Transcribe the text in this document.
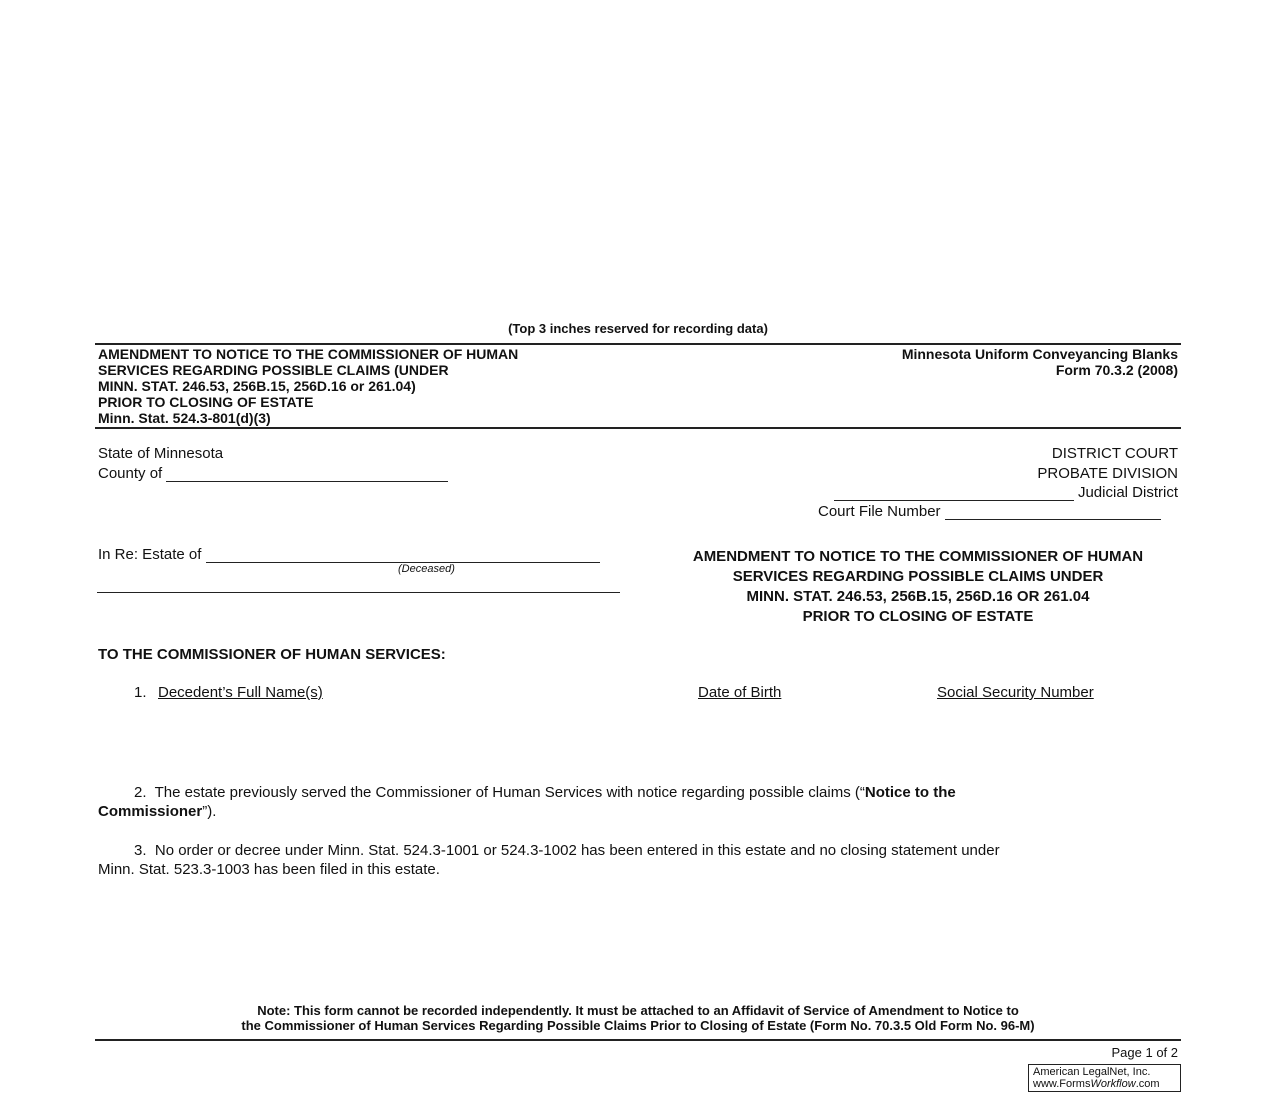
(Top 3 inches reserved for recording data)
AMENDMENT TO NOTICE TO THE COMMISSIONER OF HUMAN
SERVICES REGARDING POSSIBLE CLAIMS (UNDER
MINN. STAT. 246.53, 256B.15, 256D.16 or 261.04)
PRIOR TO CLOSING OF ESTATE
Minn. Stat. 524.3-801(d)(3)
Minnesota Uniform Conveyancing Blanks
Form 70.3.2 (2008)
State of Minnesota
County of
DISTRICT COURT
PROBATE DIVISION
Judicial District
Court File Number
In Re: Estate of
(Deceased)
AMENDMENT TO NOTICE TO THE COMMISSIONER OF HUMAN
SERVICES REGARDING POSSIBLE CLAIMS UNDER
MINN. STAT. 246.53, 256B.15, 256D.16 OR 261.04
PRIOR TO CLOSING OF ESTATE
TO THE COMMISSIONER OF HUMAN SERVICES:
1. Decedent’s Full Name(s)	Date of Birth	Social Security Number
2. The estate previously served the Commissioner of Human Services with notice regarding possible claims (“Notice to the
Commissioner”).
3. No order or decree under Minn. Stat. 524.3-1001 or 524.3-1002 has been entered in this estate and no closing statement under
Minn. Stat. 523.3-1003 has been filed in this estate.
Note: This form cannot be recorded independently. It must be attached to an Affidavit of Service of Amendment to Notice to
the Commissioner of Human Services Regarding Possible Claims Prior to Closing of Estate (Form No. 70.3.5 Old Form No. 96-M)
Page 1 of 2
American LegalNet, Inc.
www.FormsWorkflow.com
